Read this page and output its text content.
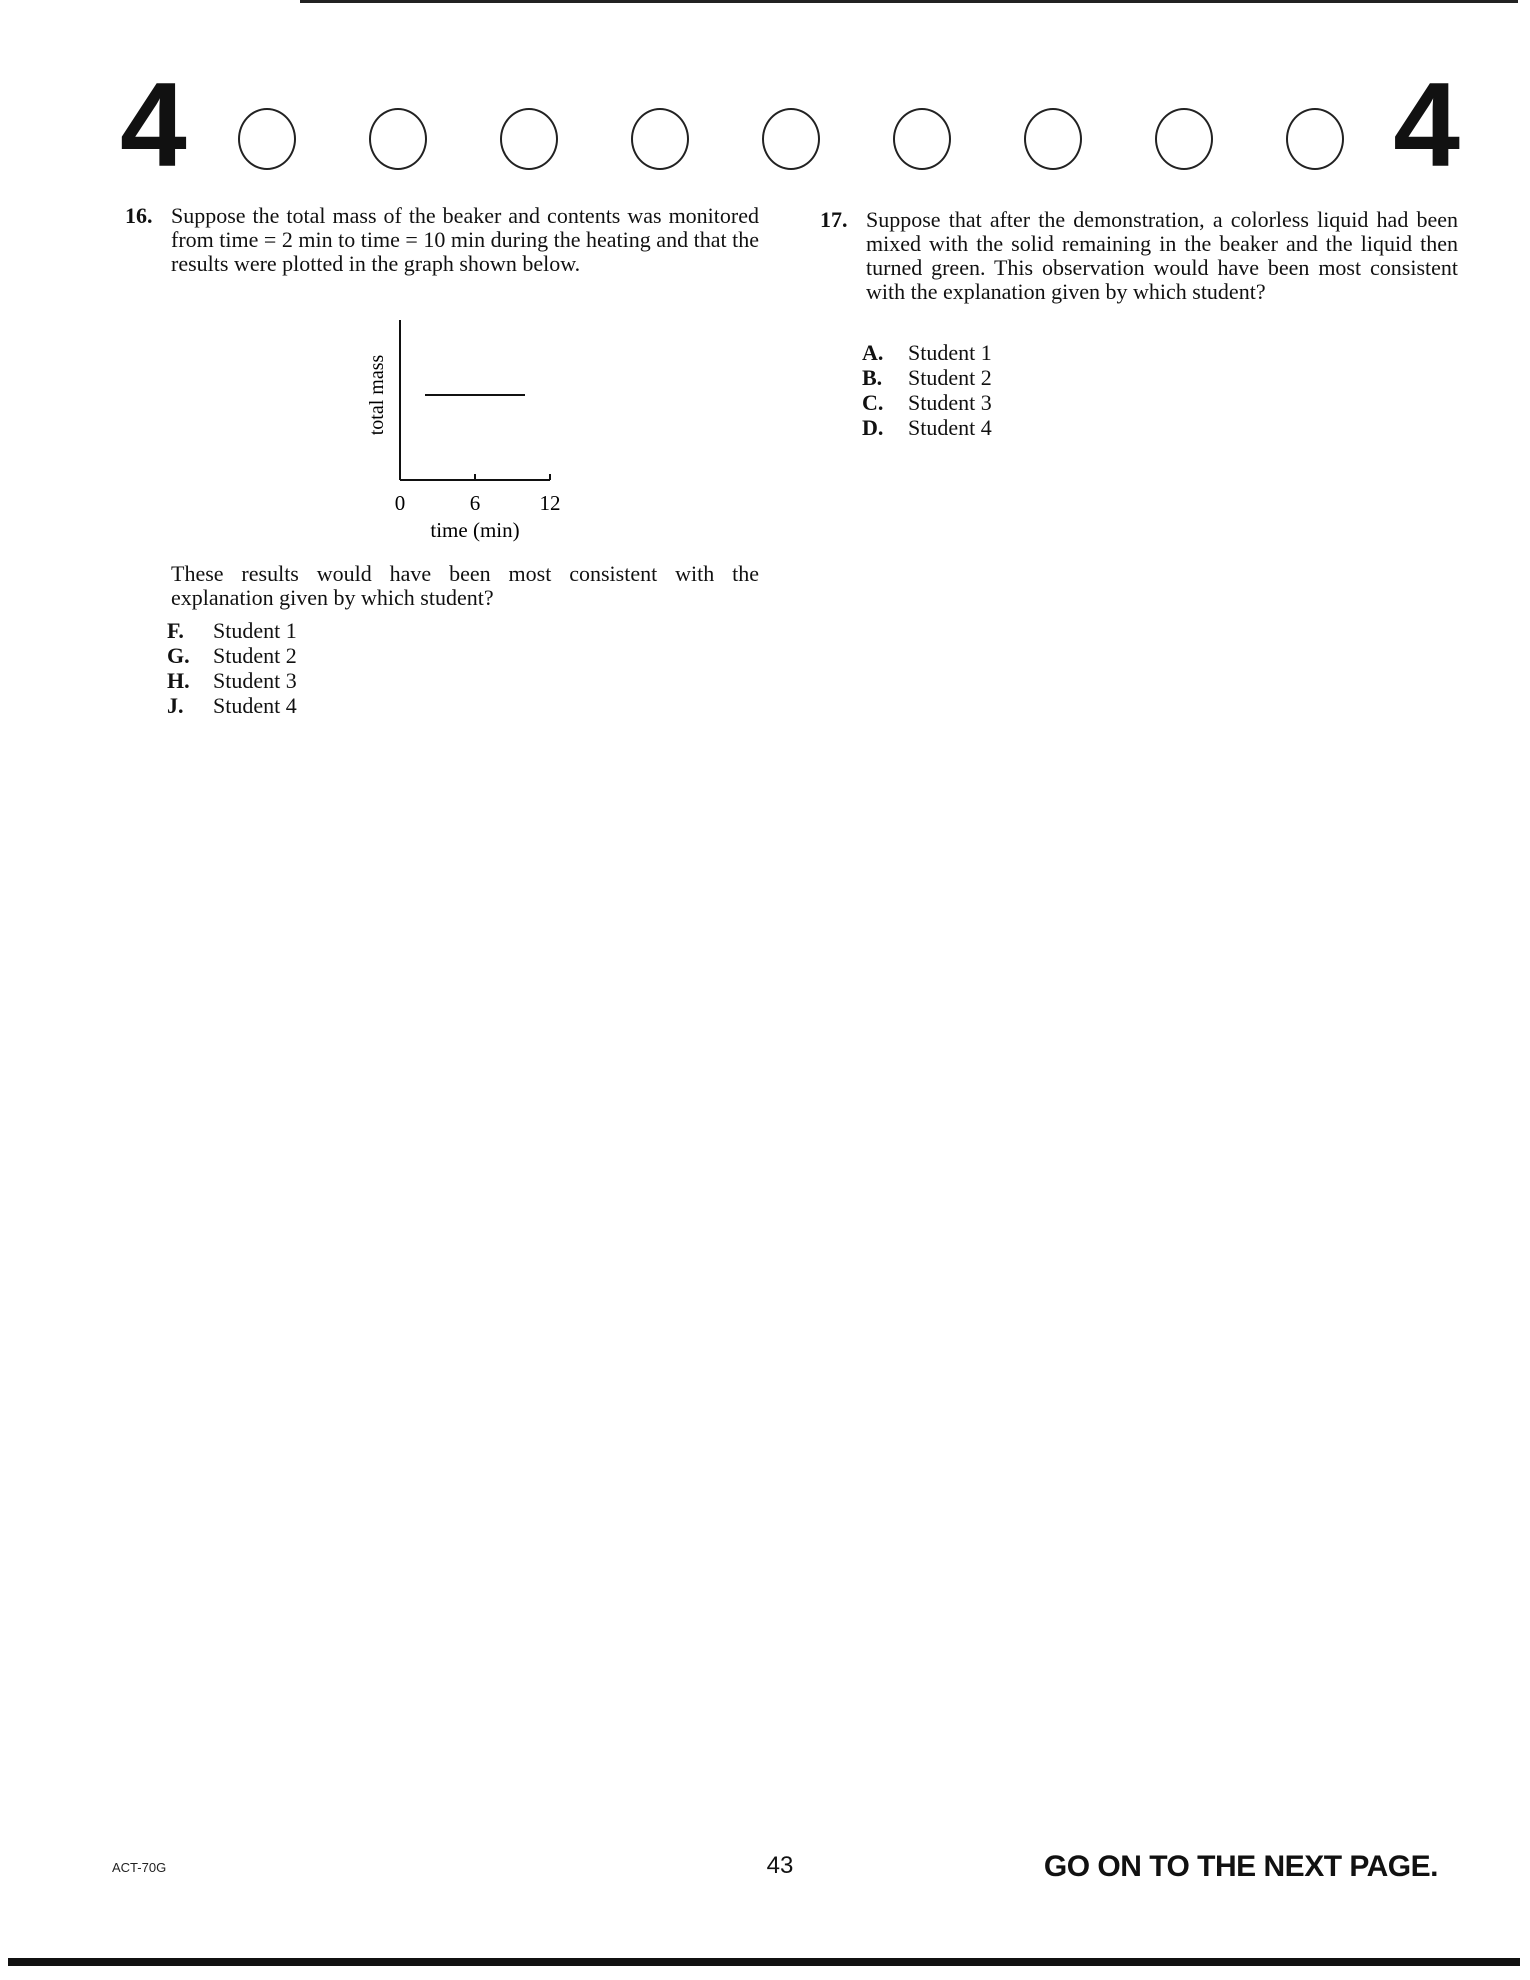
4	4
16. Suppose the total mass of the beaker and contents was monitored from time = 2 min to time = 10 min during the heating and that the results were plotted in the graph shown below.
These results would have been most consistent with the explanation given by which student?
F. Student 1
G. Student 2
H. Student 3
J. Student 4
total mass
time (min)
0	6	12
17. Suppose that after the demonstration, a colorless liquid had been mixed with the solid remaining in the beaker and the liquid then turned green. This observation would have been most consistent with the explanation given by which student?
A. Student 1
B. Student 2
C. Student 3
D. Student 4
ACT-70G	43	GO ON TO THE NEXT PAGE.
